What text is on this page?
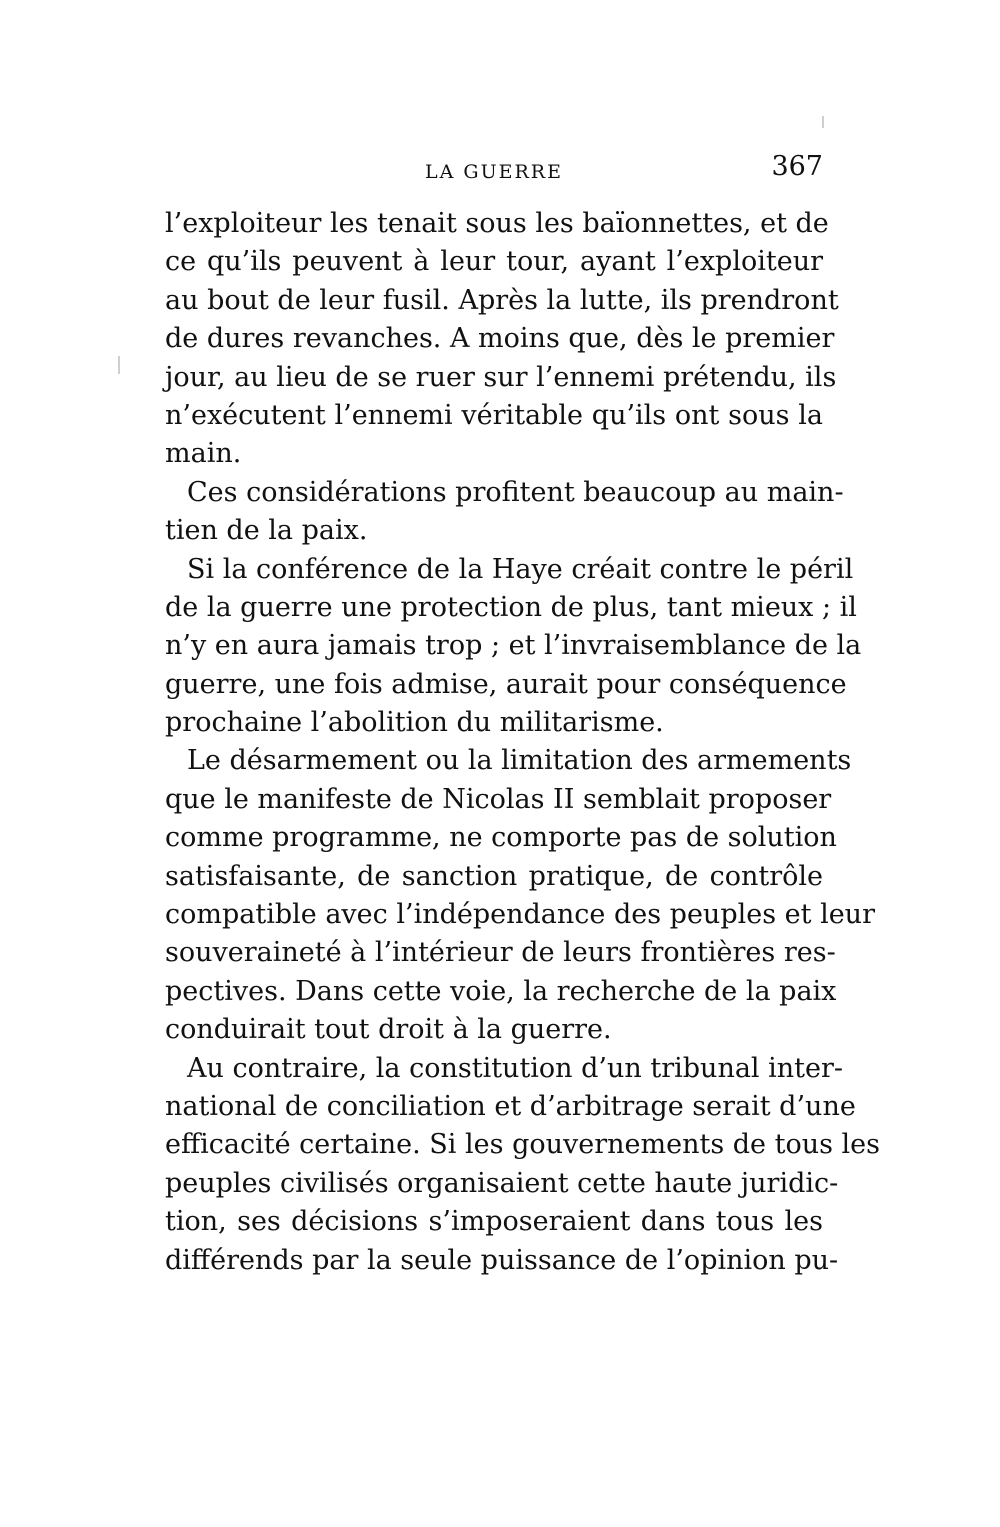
LA GUERRE	367
l’exploiteur les tenait sous les baïonnettes, et de
ce qu’ils peuvent à leur tour, ayant l’exploiteur
au bout de leur fusil. Après la lutte, ils prendront
de dures revanches. A moins que, dès le premier
jour, au lieu de se ruer sur l’ennemi prétendu, ils
n’exécutent l’ennemi véritable qu’ils ont sous la
main.
Ces considérations profitent beaucoup au main-
tien de la paix.
Si la conférence de la Haye créait contre le péril
de la guerre une protection de plus, tant mieux ; il
n’y en aura jamais trop ; et l’invraisemblance de la
guerre, une fois admise, aurait pour conséquence
prochaine l’abolition du militarisme.
Le désarmement ou la limitation des armements
que le manifeste de Nicolas II semblait proposer
comme programme, ne comporte pas de solution
satisfaisante, de sanction pratique, de contrôle
compatible avec l’indépendance des peuples et leur
souveraineté à l’intérieur de leurs frontières res-
pectives. Dans cette voie, la recherche de la paix
conduirait tout droit à la guerre.
Au contraire, la constitution d’un tribunal inter-
national de conciliation et d’arbitrage serait d’une
efficacité certaine. Si les gouvernements de tous les
peuples civilisés organisaient cette haute juridic-
tion, ses décisions s’imposeraient dans tous les
différends par la seule puissance de l’opinion pu-
